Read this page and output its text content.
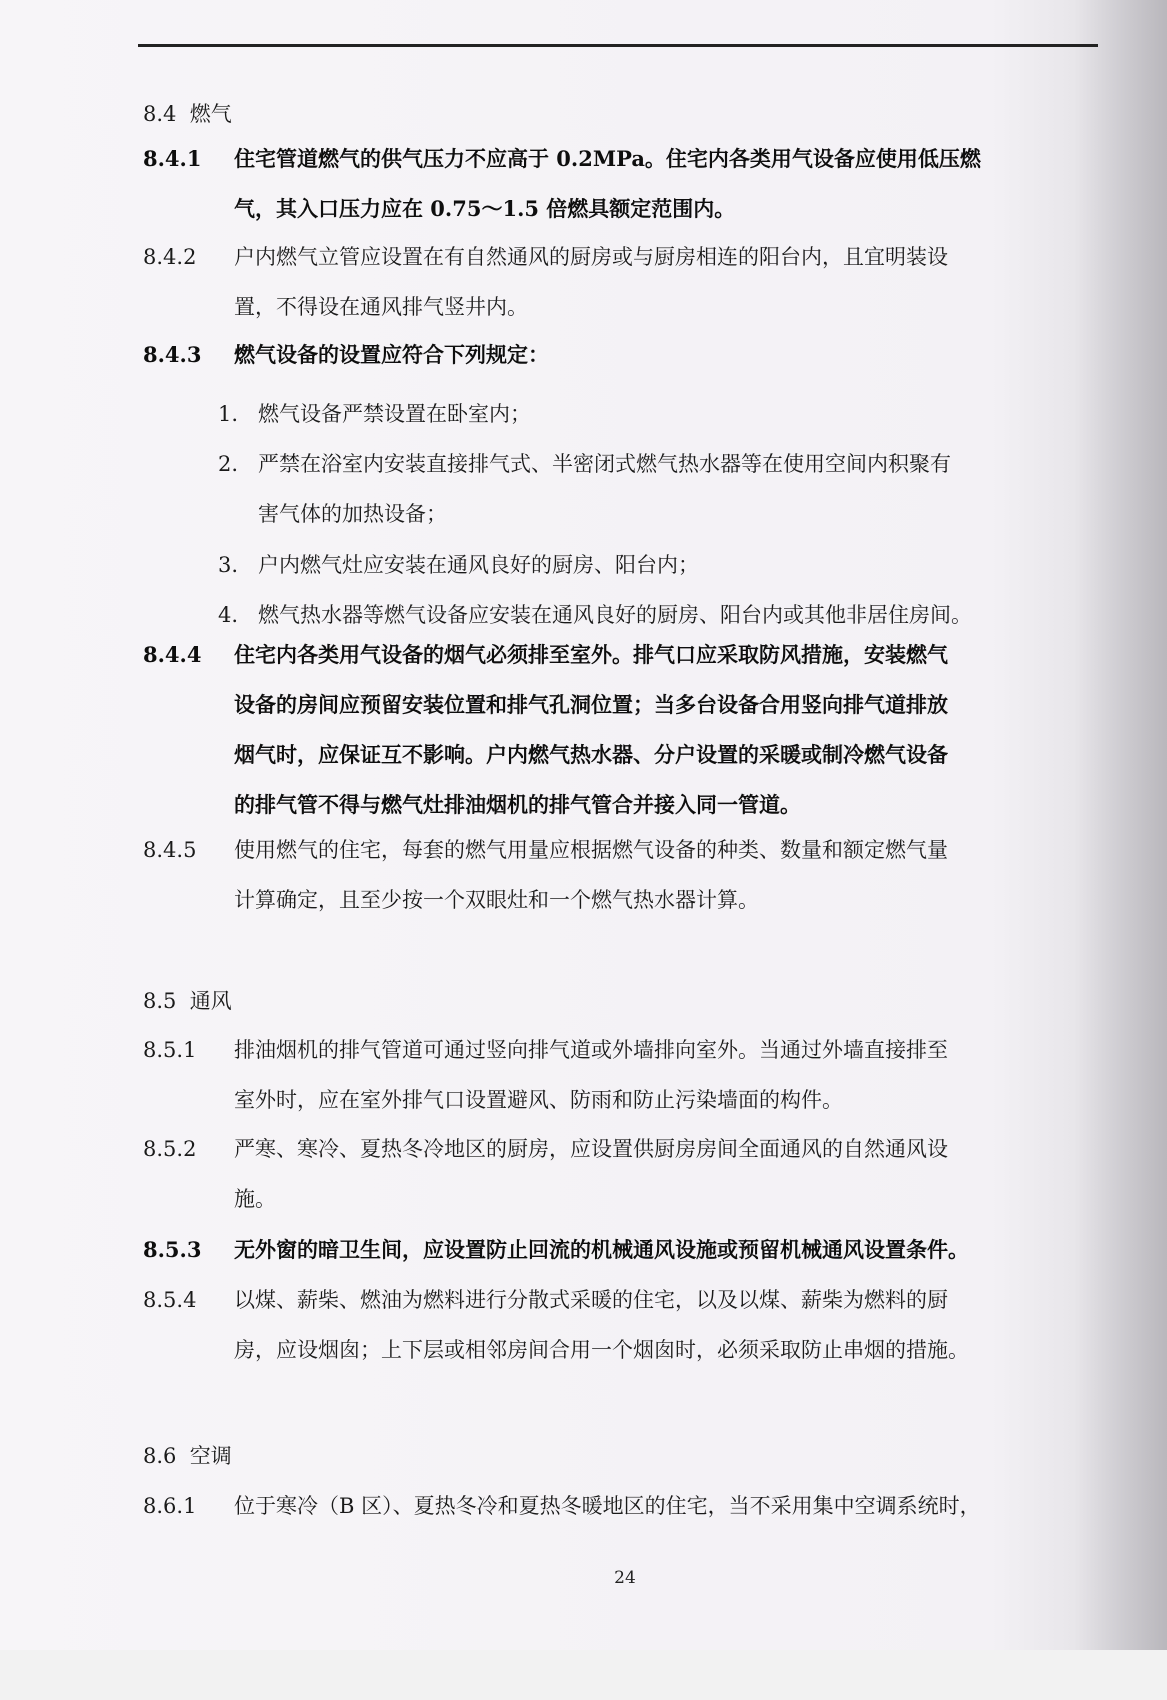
8.4 燃气
8.4.1	住宅管道燃气的供气压力不应高于 0.2MPa。住宅内各类用气设备应使用低压燃
气，其入口压力应在 0.75～1.5 倍燃具额定范围内。
8.4.2	户内燃气立管应设置在有自然通风的厨房或与厨房相连的阳台内，且宜明装设
置，不得设在通风排气竖井内。
8.4.3	燃气设备的设置应符合下列规定：
1. 燃气设备严禁设置在卧室内；
2. 严禁在浴室内安装直接排气式、半密闭式燃气热水器等在使用空间内积聚有
害气体的加热设备；
3. 户内燃气灶应安装在通风良好的厨房、阳台内；
4. 燃气热水器等燃气设备应安装在通风良好的厨房、阳台内或其他非居住房间。
8.4.4	住宅内各类用气设备的烟气必须排至室外。排气口应采取防风措施，安装燃气
设备的房间应预留安装位置和排气孔洞位置；当多台设备合用竖向排气道排放
烟气时，应保证互不影响。户内燃气热水器、分户设置的采暖或制冷燃气设备
的排气管不得与燃气灶排油烟机的排气管合并接入同一管道。
8.4.5	使用燃气的住宅，每套的燃气用量应根据燃气设备的种类、数量和额定燃气量
计算确定，且至少按一个双眼灶和一个燃气热水器计算。
8.5 通风
8.5.1	排油烟机的排气管道可通过竖向排气道或外墙排向室外。当通过外墙直接排至
室外时，应在室外排气口设置避风、防雨和防止污染墙面的构件。
8.5.2	严寒、寒冷、夏热冬冷地区的厨房，应设置供厨房房间全面通风的自然通风设
施。
8.5.3	无外窗的暗卫生间，应设置防止回流的机械通风设施或预留机械通风设置条件。
8.5.4	以煤、薪柴、燃油为燃料进行分散式采暖的住宅，以及以煤、薪柴为燃料的厨
房，应设烟囱；上下层或相邻房间合用一个烟囱时，必须采取防止串烟的措施。
8.6 空调
8.6.1	位于寒冷（B 区）、夏热冬冷和夏热冬暖地区的住宅，当不采用集中空调系统时，
24
